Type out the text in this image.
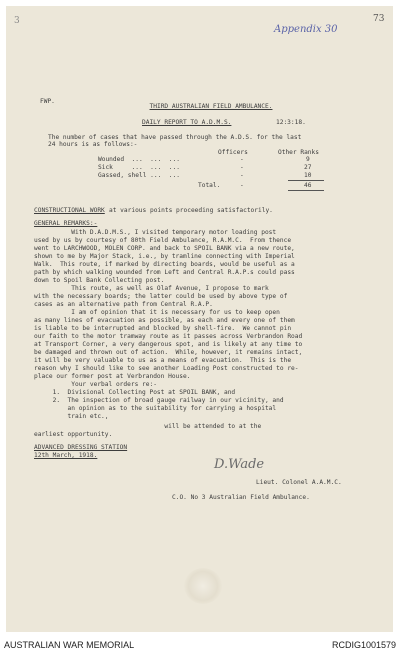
3	73
Appendix 30
FWP.
THIRD AUSTRALIAN FIELD AMBULANCE.
DAILY REPORT TO A.D.M.S.	12:3:18.
The number of cases that have passed through the A.D.S. for the last
24 hours is as follows:-
Officers	Other Ranks
Wounded  ...  ...  ...	-	9
Sick     ...  ...  ...	-	27
Gassed, shell ...  ...	-	10
Total.	-	46
CONSTRUCTIONAL WORK at various points proceeding satisfactorily.
GENERAL REMARKS:-
With D.A.D.M.S., I visited temporary motor loading post
used by us by courtesy of 80th Field Ambulance, R.A.M.C.  From thence
went to LARCHWOOD, MOLEN CORP. and back to SPOIL BANK via a new route,
shown to me by Major Stack, i.e., by tramline connecting with Imperial
Walk.  This route, if marked by directing boards, would be useful as a
path by which walking wounded from Left and Central R.A.P.s could pass
down to Spoil Bank Collecting post.
This route, as well as Olaf Avenue, I propose to mark
with the necessary boards; the latter could be used by above type of
cases as an alternative path from Central R.A.P.
I am of opinion that it is necessary for us to keep open
as many lines of evacuation as possible, as each and every one of them
is liable to be interrupted and blocked by shell-fire.  We cannot pin
our faith to the motor tramway route as it passes across Verbrandon Road
at Transport Corner, a very dangerous spot, and is likely at any time to
be damaged and thrown out of action.  While, however, it remains intact,
it will be very valuable to us as a means of evacuation.  This is the
reason why I should like to see another Loading Post constructed to re-
place our former post at Verbrandon House.
Your verbal orders re:-
1.  Divisional Collecting Post at SPOIL BANK, and
2.  The inspection of broad gauge railway in our vicinity, and
an opinion as to the suitability for carrying a hospital
train etc.,
will be attended to at the
earliest opportunity.
ADVANCED DRESSING STATION
12th March, 1918.
D.Wade
Lieut. Colonel A.A.M.C.
C.O. No 3 Australian Field Ambulance.
AUSTRALIAN WAR MEMORIAL	RCDIG1001579
